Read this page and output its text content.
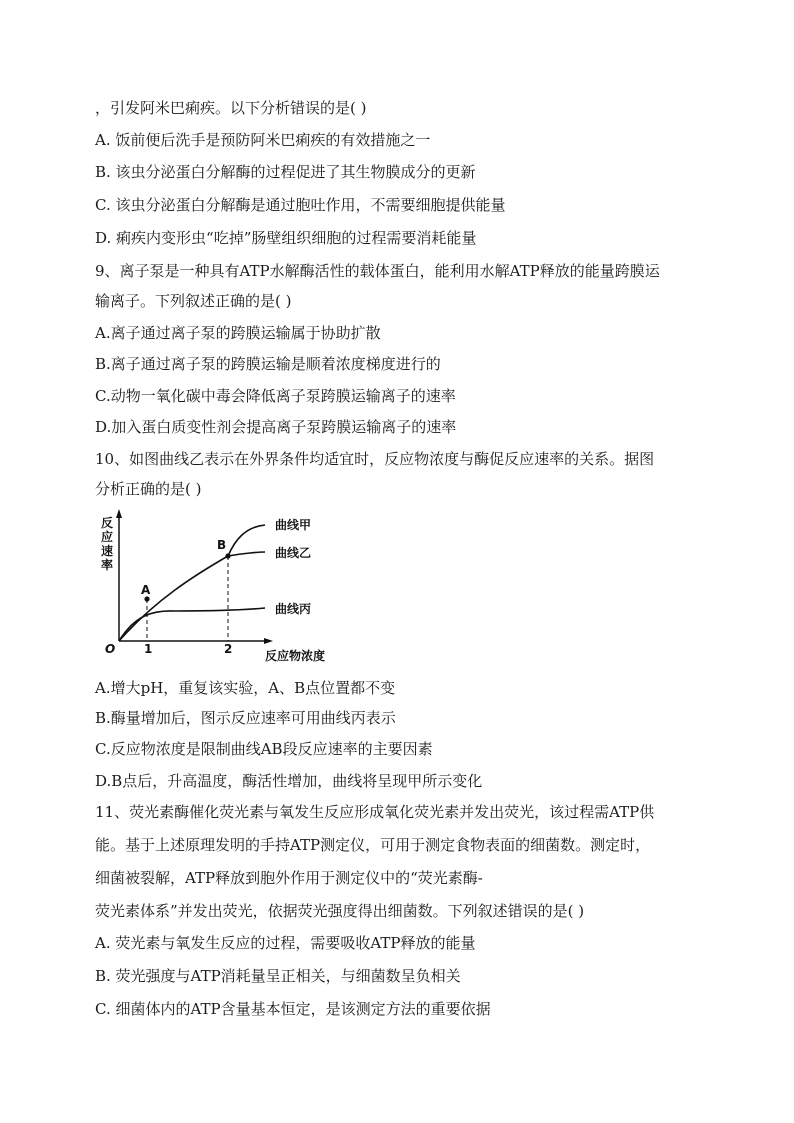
，引发阿米巴痢疾。以下分析错误的是( )
A. 饭前便后洗手是预防阿米巴痢疾的有效措施之一
B. 该虫分泌蛋白分解酶的过程促进了其生物膜成分的更新
C. 该虫分泌蛋白分解酶是通过胞吐作用，不需要细胞提供能量
D. 痢疾内变形虫“吃掉”肠壁组织细胞的过程需要消耗能量
9、离子泵是一种具有ATP水解酶活性的载体蛋白，能利用水解ATP释放的能量跨膜运
输离子。下列叙述正确的是( )
A.离子通过离子泵的跨膜运输属于协助扩散
B.离子通过离子泵的跨膜运输是顺着浓度梯度进行的
C.动物一氧化碳中毒会降低离子泵跨膜运输离子的速率
D.加入蛋白质变性剂会提高离子泵跨膜运输离子的速率
10、如图曲线乙表示在外界条件均适宜时，反应物浓度与酶促反应速率的关系。据图
分析正确的是( )
反
应
速
率
A
B
曲线甲
曲线乙
曲线丙
O 1	2	反应物浓度
A.增大pH，重复该实验，A、B点位置都不变
B.酶量增加后，图示反应速率可用曲线丙表示
C.反应物浓度是限制曲线AB段反应速率的主要因素
D.B点后，升高温度，酶活性增加，曲线将呈现甲所示变化
11、荧光素酶催化荧光素与氧发生反应形成氧化荧光素并发出荧光，该过程需ATP供
能。基于上述原理发明的手持ATP测定仪，可用于测定食物表面的细菌数。测定时，
细菌被裂解，ATP释放到胞外作用于测定仪中的“荧光素酶-
荧光素体系”并发出荧光，依据荧光强度得出细菌数。下列叙述错误的是( )
A. 荧光素与氧发生反应的过程，需要吸收ATP释放的能量
B. 荧光强度与ATP消耗量呈正相关，与细菌数呈负相关
C. 细菌体内的ATP含量基本恒定，是该测定方法的重要依据
